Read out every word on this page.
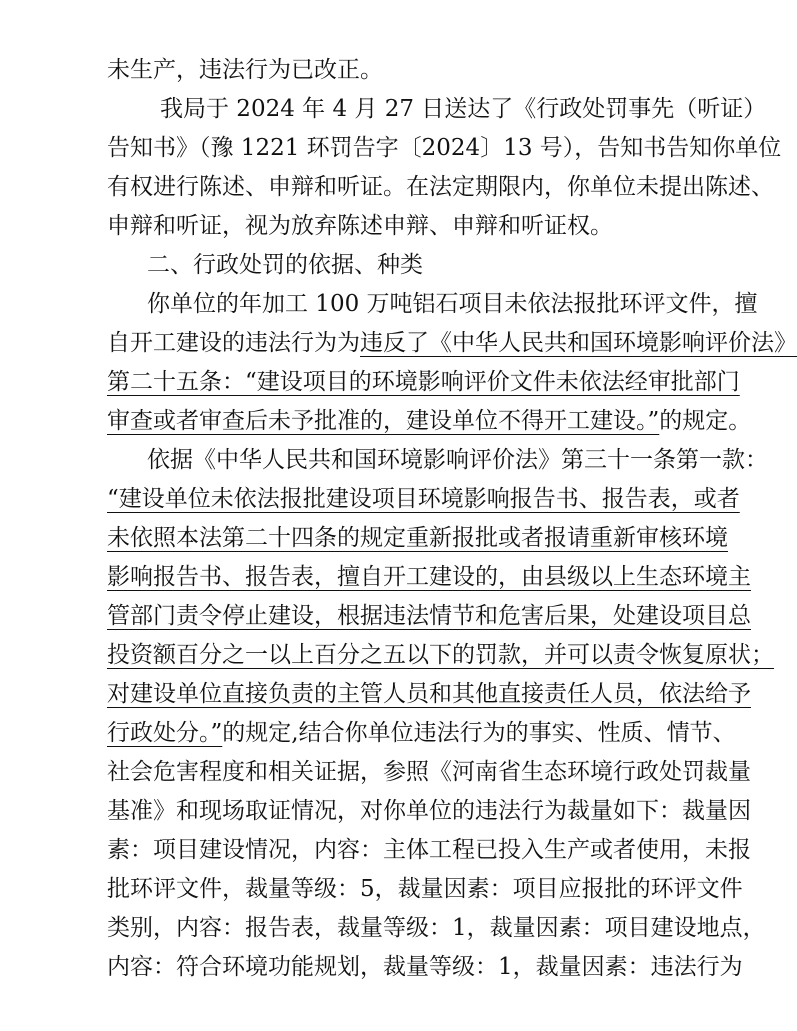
未生产，违法行为已改正。
我局于 2024 年 4 月 27 日送达了《行政处罚事先（听证）
告知书》（豫 1221 环罚告字〔2024〕13 号），告知书告知你单位
有权进行陈述、申辩和听证。在法定期限内，你单位未提出陈述、
申辩和听证，视为放弃陈述申辩、申辩和听证权。
二、行政处罚的依据、种类
你单位的年加工 100 万吨铝石项目未依法报批环评文件，擅
自开工建设的违法行为为违反了《中华人民共和国环境影响评价法》
第二十五条：“建设项目的环境影响评价文件未依法经审批部门
审查或者审查后未予批准的，建设单位不得开工建设。”的规定。
依据《中华人民共和国环境影响评价法》第三十一条第一款：
“建设单位未依法报批建设项目环境影响报告书、报告表，或者
未依照本法第二十四条的规定重新报批或者报请重新审核环境
影响报告书、报告表，擅自开工建设的，由县级以上生态环境主
管部门责令停止建设，根据违法情节和危害后果，处建设项目总
投资额百分之一以上百分之五以下的罚款，并可以责令恢复原状；
对建设单位直接负责的主管人员和其他直接责任人员，依法给予
行政处分。”的规定,结合你单位违法行为的事实、性质、情节、
社会危害程度和相关证据，参照《河南省生态环境行政处罚裁量
基准》和现场取证情况，对你单位的违法行为裁量如下：裁量因
素：项目建设情况，内容：主体工程已投入生产或者使用，未报
批环评文件，裁量等级：5，裁量因素：项目应报批的环评文件
类别，内容：报告表，裁量等级：1，裁量因素：项目建设地点，
内容：符合环境功能规划，裁量等级：1，裁量因素：违法行为
